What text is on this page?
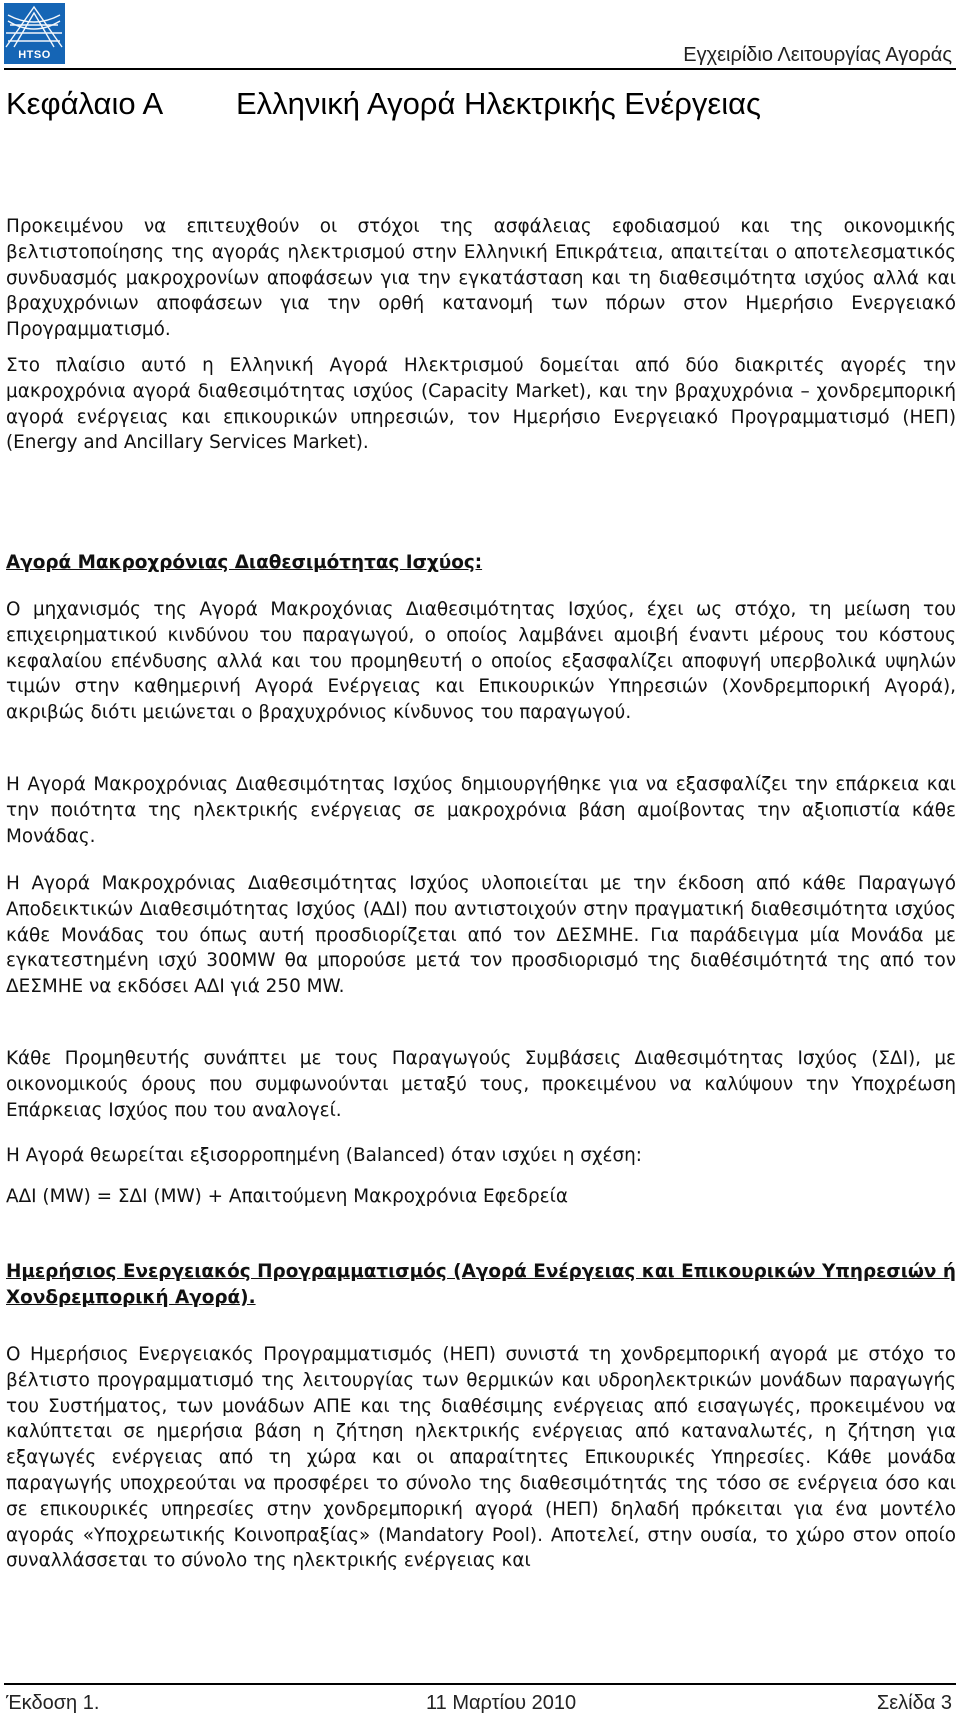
HTSO	Εγχειρίδιο Λειτουργίας Αγοράς
Κεφάλαιο Α Ελληνική Αγορά Ηλεκτρικής Ενέργειας

Προκειμένου να επιτευχθούν οι στόχοι της ασφάλειας εφοδιασμού και της οικονομικής βελτιστοποίησης της αγοράς ηλεκτρισμού στην Ελληνική Επικράτεια, απαιτείται ο αποτελεσματικός συνδυασμός μακροχρονίων αποφάσεων για την εγκατάσταση και τη διαθεσιμότητα ισχύος αλλά και βραχυχρόνιων αποφάσεων για την ορθή κατανομή των πόρων στον Ημερήσιο Ενεργειακό Προγραμματισμό.

Στο πλαίσιο αυτό η Ελληνική Αγορά Ηλεκτρισμού δομείται από δύο διακριτές αγορές την μακροχρόνια αγορά διαθεσιμότητας ισχύος (Capacity Market), και την βραχυχρόνια – χονδρεμπορική αγορά ενέργειας και επικουρικών υπηρεσιών, τον Ημερήσιο Ενεργειακό Προγραμματισμό (ΗΕΠ) (Energy and Ancillary Services Market).

Αγορά Μακροχρόνιας Διαθεσιμότητας Ισχύος:

Ο μηχανισμός της Αγορά Μακροχόνιας Διαθεσιμότητας Ισχύος, έχει ως στόχο, τη μείωση του επιχειρηματικού κινδύνου του παραγωγού, ο οποίος λαμβάνει αμοιβή έναντι μέρους του κόστους κεφαλαίου επένδυσης αλλά και του προμηθευτή ο οποίος εξασφαλίζει αποφυγή υπερβολικά υψηλών τιμών στην καθημερινή Αγορά Ενέργειας και Επικουρικών Υπηρεσιών (Χονδρεμπορική Αγορά), ακριβώς διότι μειώνεται ο βραχυχρόνιος κίνδυνος του παραγωγού.

Η Αγορά Μακροχρόνιας Διαθεσιμότητας Ισχύος δημιουργήθηκε για να εξασφαλίζει την επάρκεια και την ποιότητα της ηλεκτρικής ενέργειας σε μακροχρόνια βάση αμοίβοντας την αξιοπιστία κάθε Μονάδας.

Η Αγορά Μακροχρόνιας Διαθεσιμότητας Ισχύος υλοποιείται με την έκδοση από κάθε Παραγωγό Αποδεικτικών Διαθεσιμότητας Ισχύος (ΑΔΙ) που αντιστοιχούν στην πραγματική διαθεσιμότητα ισχύος κάθε Μονάδας του όπως αυτή προσδιορίζεται από τον ΔΕΣΜΗΕ. Για παράδειγμα μία Μονάδα με εγκατεστημένη ισχύ 300MW θα μπορούσε μετά τον προσδιορισμό της διαθέσιμότητά της από τον ΔΕΣΜΗΕ να εκδόσει ΑΔΙ γιά 250 MW.

Κάθε Προμηθευτής συνάπτει με τους Παραγωγούς Συμβάσεις Διαθεσιμότητας Ισχύος (ΣΔΙ), με οικονομικούς όρους που συμφωνούνται μεταξύ τους, προκειμένου να καλύψουν την Υποχρέωση Επάρκειας Ισχύος που του αναλογεί.

Η Αγορά θεωρείται εξισορροπημένη (Balanced) όταν ισχύει η σχέση:

ΑΔΙ (MW) = ΣΔΙ (MW) + Απαιτούμενη Μακροχρόνια Εφεδρεία

Ημερήσιος Ενεργειακός Προγραμματισμός (Αγορά Ενέργειας και Επικουρικών Υπηρεσιών ή Χονδρεμπορική Αγορά).

Ο Ημερήσιος Ενεργειακός Προγραμματισμός (ΗΕΠ) συνιστά τη χονδρεμπορική αγορά με στόχο το βέλτιστο προγραμματισμό της λειτουργίας των θερμικών και υδροηλεκτρικών μονάδων παραγωγής του Συστήματος, των μονάδων ΑΠΕ και της διαθέσιμης ενέργειας από εισαγωγές, προκειμένου να καλύπτεται σε ημερήσια βάση η ζήτηση ηλεκτρικής ενέργειας από καταναλωτές, η ζήτηση για εξαγωγές ενέργειας από τη χώρα και οι απαραίτητες Επικουρικές Υπηρεσίες. Κάθε μονάδα παραγωγής υποχρεούται να προσφέρει το σύνολο της διαθεσιμότητάς της τόσο σε ενέργεια όσο και σε επικουρικές υπηρεσίες στην χονδρεμπορική αγορά (ΗΕΠ) δηλαδή πρόκειται για ένα μοντέλο αγοράς «Υποχρεωτικής Κοινοπραξίας» (Mandatory Pool). Αποτελεί, στην ουσία, το χώρο στον οποίο συναλλάσσεται το σύνολο της ηλεκτρικής ενέργειας και

Έκδοση 1.	11 Μαρτίου 2010	Σελίδα 3
